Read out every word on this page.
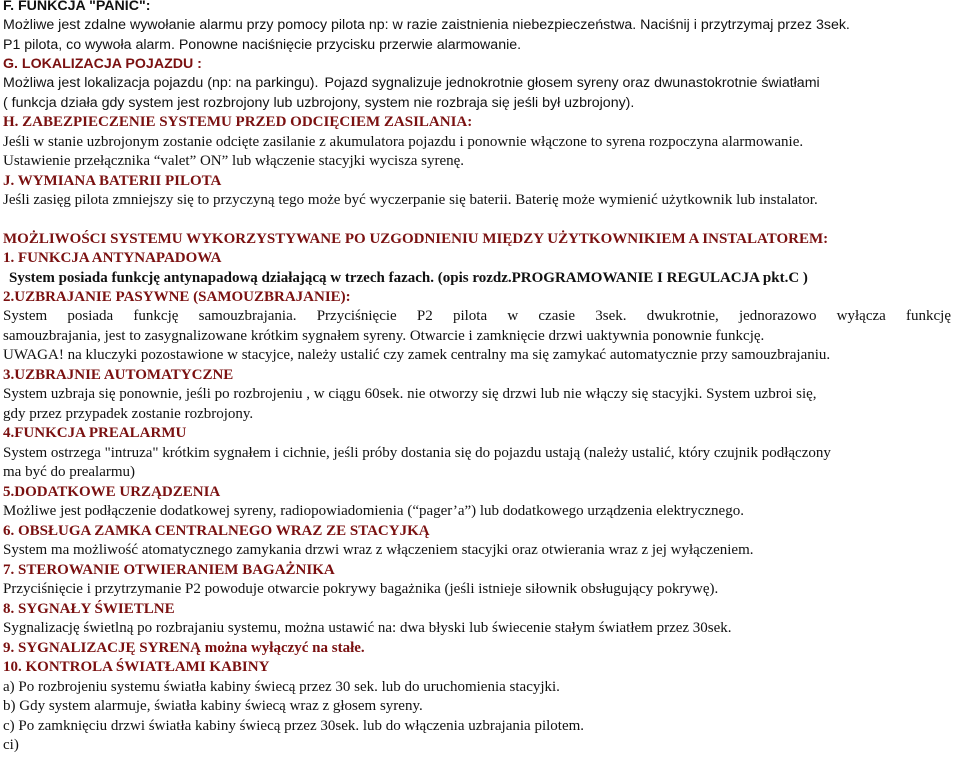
F. FUNKCJA "PANIC":
Możliwe jest zdalne wywołanie alarmu przy pomocy pilota np: w razie zaistnienia niebezpieczeństwa. Naciśnij i przytrzymaj przez 3sek.
P1 pilota, co wywoła alarm. Ponowne naciśnięcie przycisku przerwie alarmowanie.
G. LOKALIZACJA POJAZDU :
Możliwa jest lokalizacja pojazdu (np: na parkingu). Pojazd sygnalizuje jednokrotnie głosem syreny oraz dwunastokrotnie światłami
( funkcja działa gdy system jest rozbrojony lub uzbrojony, system nie rozbraja się jeśli był uzbrojony).
H. ZABEZPIECZENIE SYSTEMU PRZED ODCIĘCIEM ZASILANIA:
Jeśli w stanie uzbrojonym zostanie odcięte zasilanie z akumulatora pojazdu i ponownie włączone to syrena rozpoczyna alarmowanie.
Ustawienie przełącznika “valet” ON” lub włączenie stacyjki wycisza syrenę.
J. WYMIANA BATERII PILOTA
Jeśli zasięg pilota zmniejszy się to przyczyną tego może być wyczerpanie się baterii. Baterię może wymienić użytkownik lub instalator.
MOŻLIWOŚCI SYSTEMU WYKORZYSTYWANE PO UZGODNIENIU MIĘDZY UŻYTKOWNIKIEM A INSTALATOREM:
1. FUNKCJA ANTYNAPADOWA
System posiada funkcję antynapadową działającą w trzech fazach. (opis rozdz.PROGRAMOWANIE I REGULACJA pkt.C )
2.UZBRAJANIE PASYWNE (SAMOUZBRAJANIE):
System posiada funkcję samouzbrajania. Przyciśnięcie P2 pilota w czasie 3sek. dwukrotnie, jednorazowo wyłącza funkcję
samouzbrajania, jest to zasygnalizowane krótkim sygnałem syreny. Otwarcie i zamknięcie drzwi uaktywnia ponownie funkcję.
UWAGA! na kluczyki pozostawione w stacyjce, należy ustalić czy zamek centralny ma się zamykać automatycznie przy samouzbrajaniu.
3.UZBRAJNIE AUTOMATYCZNE
System uzbraja się ponownie, jeśli po rozbrojeniu , w ciągu 60sek. nie otworzy się drzwi lub nie włączy się stacyjki. System uzbroi się,
gdy przez przypadek zostanie rozbrojony.
4.FUNKCJA PREALARMU
System ostrzega "intruza" krótkim sygnałem i cichnie, jeśli próby dostania się do pojazdu ustają (należy ustalić, który czujnik podłączony
ma być do prealarmu)
5.DODATKOWE URZĄDZENIA
Możliwe jest podłączenie dodatkowej syreny, radiopowiadomienia (“pager’a”) lub dodatkowego urządzenia elektrycznego.
6. OBSŁUGA ZAMKA CENTRALNEGO WRAZ ZE STACYJKĄ
System ma możliwość atomatycznego zamykania drzwi wraz z włączeniem stacyjki oraz otwierania wraz z jej wyłączeniem.
7. STEROWANIE OTWIERANIEM BAGAŻNIKA
Przyciśnięcie i przytrzymanie P2 powoduje otwarcie pokrywy bagażnika (jeśli istnieje siłownik obsługujący pokrywę).
8. SYGNAŁY ŚWIETLNE
Sygnalizację świetlną po rozbrajaniu systemu, można ustawić na: dwa błyski lub świecenie stałym światłem przez 30sek.
9. SYGNALIZACJĘ SYRENĄ można wyłączyć na stałe.
10. KONTROLA ŚWIATŁAMI KABINY
a) Po rozbrojeniu systemu światła kabiny świecą przez 30 sek. lub do uruchomienia stacyjki.
b) Gdy system alarmuje, światła kabiny świecą wraz z głosem syreny.
c) Po zamknięciu drzwi światła kabiny świecą przez 30sek. lub do włączenia uzbrajania pilotem.
ci)
